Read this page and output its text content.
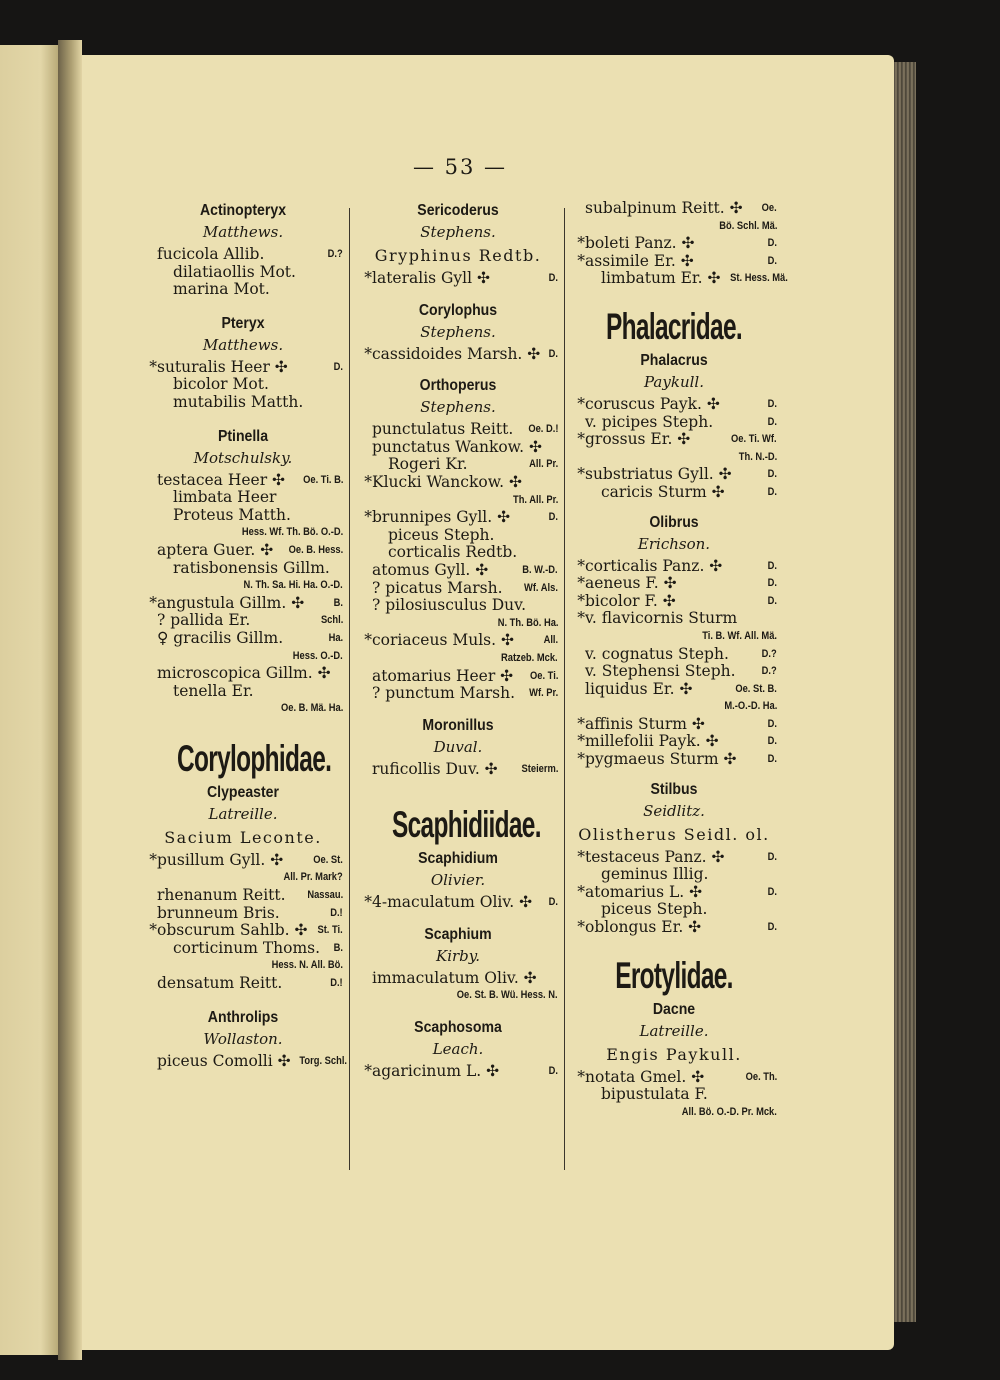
— 53 —
Actinopteryx
Matthews.
fucicola Allib.	D.?
dilatiaollis Mot.
marina Mot.
Pteryx
Matthews.
* suturalis Heer ✣	D.
bicolor Mot.
mutabilis Matth.
Ptinella
Motschulsky.
testacea Heer ✣	Oe. Ti. B.
limbata Heer
Proteus Matth.
Hess. Wf. Th. Bö. O.-D.
aptera Guer. ✣	Oe. B. Hess.
ratisbonensis Gillm.
N. Th. Sa. Hi. Ha. O.-D.
* angustula Gillm. ✣	B.
? pallida Er.	Schl.
♀ gracilis Gillm.	Ha.
Hess. O.-D.
microscopica Gillm. ✣
tenella Er.
Oe. B. Mä. Ha.
Corylophidae.
Clypeaster
Latreille.
Sacium Leconte.
* pusillum Gyll. ✣	Oe. St.
All. Pr. Mark?
rhenanum Reitt.	Nassau.
brunneum Bris.	D.!
* obscurum Sahlb. ✣ St. Ti.
corticinum Thoms.	B.
Hess. N. All. Bö.
densatum Reitt.	D.!
Anthrolips
Wollaston.
piceus Comolli ✣ Torg. Schl.
Sericoderus
Stephens.
Gryphinus Redtb.
* lateralis Gyll ✣	D.
Corylophus
Stephens.
* cassidoides Marsh. ✣ D.
Orthoperus
Stephens.
punctulatus Reitt.	Oe. D.!
punctatus Wankow. ✣
Rogeri Kr.	All. Pr.
* Klucki Wanckow. ✣
Th. All. Pr.
* brunnipes Gyll. ✣	D.
piceus Steph.
corticalis Redtb.
atomus Gyll. ✣	B. W.-D.
? picatus Marsh.	Wf. Als.
? pilosiusculus Duv.
N. Th. Bö. Ha.
* coriaceus Muls. ✣	All.
Ratzeb. Mck.
atomarius Heer ✣	Oe. Ti.
? punctum Marsh.	Wf. Pr.
Moronillus
Duval.
ruficollis Duv. ✣	Steierm.
Scaphidiidae.
Scaphidium
Olivier.
* 4-maculatum Oliv. ✣	D.
Scaphium
Kirby.
immaculatum Oliv. ✣
Oe. St. B. Wü. Hess. N.
Scaphosoma
Leach.
* agaricinum L. ✣	D.
subalpinum Reitt. ✣	Oe.
Bö. Schl. Mä.
* boleti Panz. ✣	D.
* assimile Er. ✣	D.
limbatum Er. ✣ St. Hess. Mä.
Phalacridae.
Phalacrus
Paykull.
* coruscus Payk. ✣	D.
v. picipes Steph.	D.
* grossus Er. ✣	Oe. Ti. Wf.
Th. N.-D.
* substriatus Gyll. ✣	D.
caricis Sturm ✣	D.
Olibrus
Erichson.
* corticalis Panz. ✣	D.
* aeneus F. ✣	D.
* bicolor F. ✣	D.
* v. flavicornis Sturm
Ti. B. Wf. All. Mä.
v. cognatus Steph.	D.?
v. Stephensi Steph.	D.?
liquidus Er. ✣	Oe. St. B.
M.-O.-D. Ha.
* affinis Sturm ✣	D.
* millefolii Payk. ✣	D.
* pygmaeus Sturm ✣	D.
Stilbus
Seidlitz.
Olistherus Seidl. ol.
* testaceus Panz. ✣	D.
geminus Illig.
* atomarius L. ✣	D.
piceus Steph.
* oblongus Er. ✣	D.
Erotylidae.
Dacne
Latreille.
Engis Paykull.
* notata Gmel. ✣	Oe. Th.
bipustulata F.
All. Bö. O.-D. Pr. Mck.
